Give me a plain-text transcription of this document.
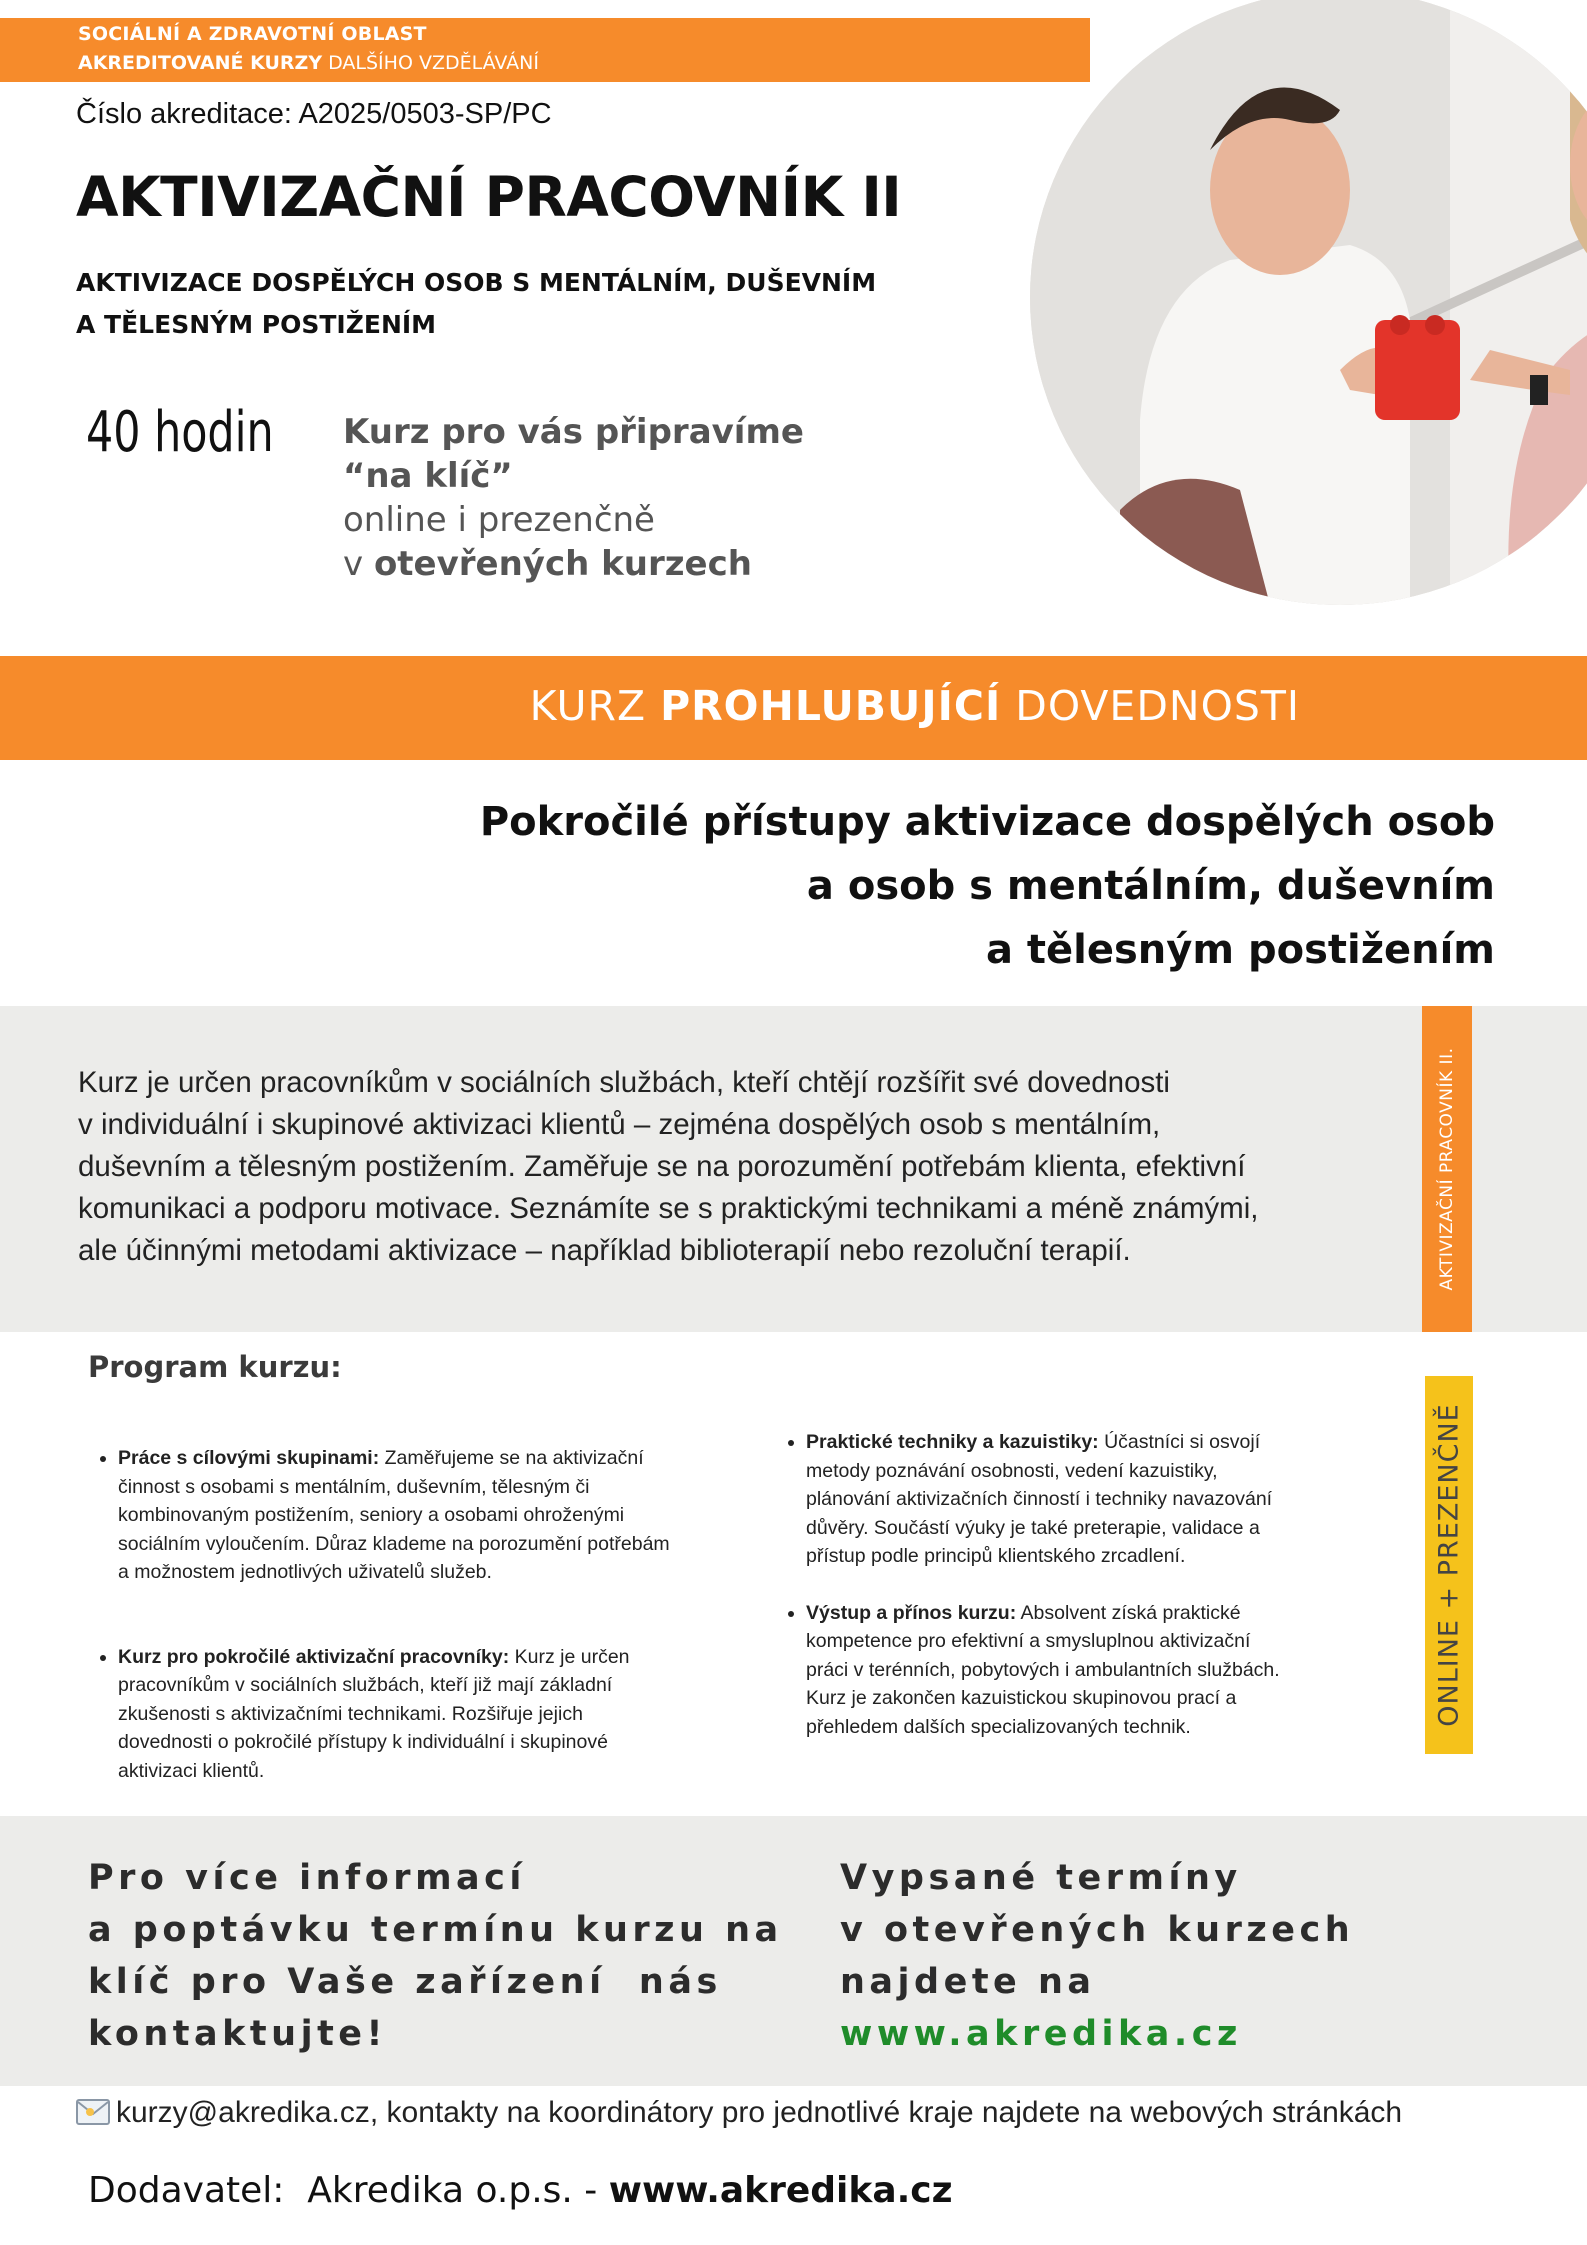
SOCIÁLNÍ A ZDRAVOTNÍ OBLAST
AKREDITOVANÉ KURZY DALŠÍHO VZDĚLÁVÁNÍ
Číslo akreditace: A2025/0503-SP/PC
AKTIVIZAČNÍ PRACOVNÍK II
AKTIVIZACE DOSPĚLÝCH OSOB S MENTÁLNÍM, DUŠEVNÍM
A TĚLESNÝM POSTIŽENÍM
40 hodin Kurz pro vás připravíme
“na klíč”
online i prezenčně
v otevřených kurzech
KURZ PROHLUBUJÍCÍ DOVEDNOSTI
Pokročilé přístupy aktivizace dospělých osob
a osob s mentálním, duševním
a tělesným postižením
Kurz je určen pracovníkům v sociálních službách, kteří chtějí rozšířit své dovednosti
v individuální i skupinové aktivizaci klientů – zejména dospělých osob s mentálním,
duševním a tělesným postižením. Zaměřuje se na porozumění potřebám klienta, efektivní
komunikaci a podporu motivace. Seznámíte se s praktickými technikami a méně známými,
ale účinnými metodami aktivizace – například biblioterapií nebo rezoluční terapií.	AKTIVIZAČNÍ PRACOVNÍK II.
ONLINE + PREZENČNĚ
Program kurzu:
• Práce s cílovými skupinami: Zaměřujeme se na aktivizační činnost s osobami s mentálním, duševním, tělesným či kombinovaným postižením, seniory a osobami ohroženými sociálním vyloučením. Důraz klademe na porozumění potřebám a možnostem jednotlivých uživatelů služeb.
• Kurz pro pokročilé aktivizační pracovníky: Kurz je určen pracovníkům v sociálních službách, kteří již mají základní zkušenosti s aktivizačními technikami. Rozšiřuje jejich dovednosti o pokročilé přístupy k individuální i skupinové aktivizaci klientů.
• Praktické techniky a kazuistiky: Účastníci si osvojí metody poznávání osobnosti, vedení kazuistiky, plánování aktivizačních činností i techniky navazování důvěry. Součástí výuky je také preterapie, validace a přístup podle principů klientského zrcadlení.
• Výstup a přínos kurzu: Absolvent získá praktické kompetence pro efektivní a smysluplnou aktivizační práci v terénních, pobytových i ambulantních službách. Kurz je zakončen kazuistickou skupinovou prací a přehledem dalších specializovaných technik.
Pro více informací
a poptávku termínu kurzu na
klíč pro Vaše zařízení  nás
kontaktujte!
Vypsané termíny
v otevřených kurzech
najdete na
www.akredika.cz
kurzy@akredika.cz, kontakty na koordinátory pro jednotlivé kraje najdete na webových stránkách
Dodavatel:  Akredika o.p.s. - www.akredika.cz
